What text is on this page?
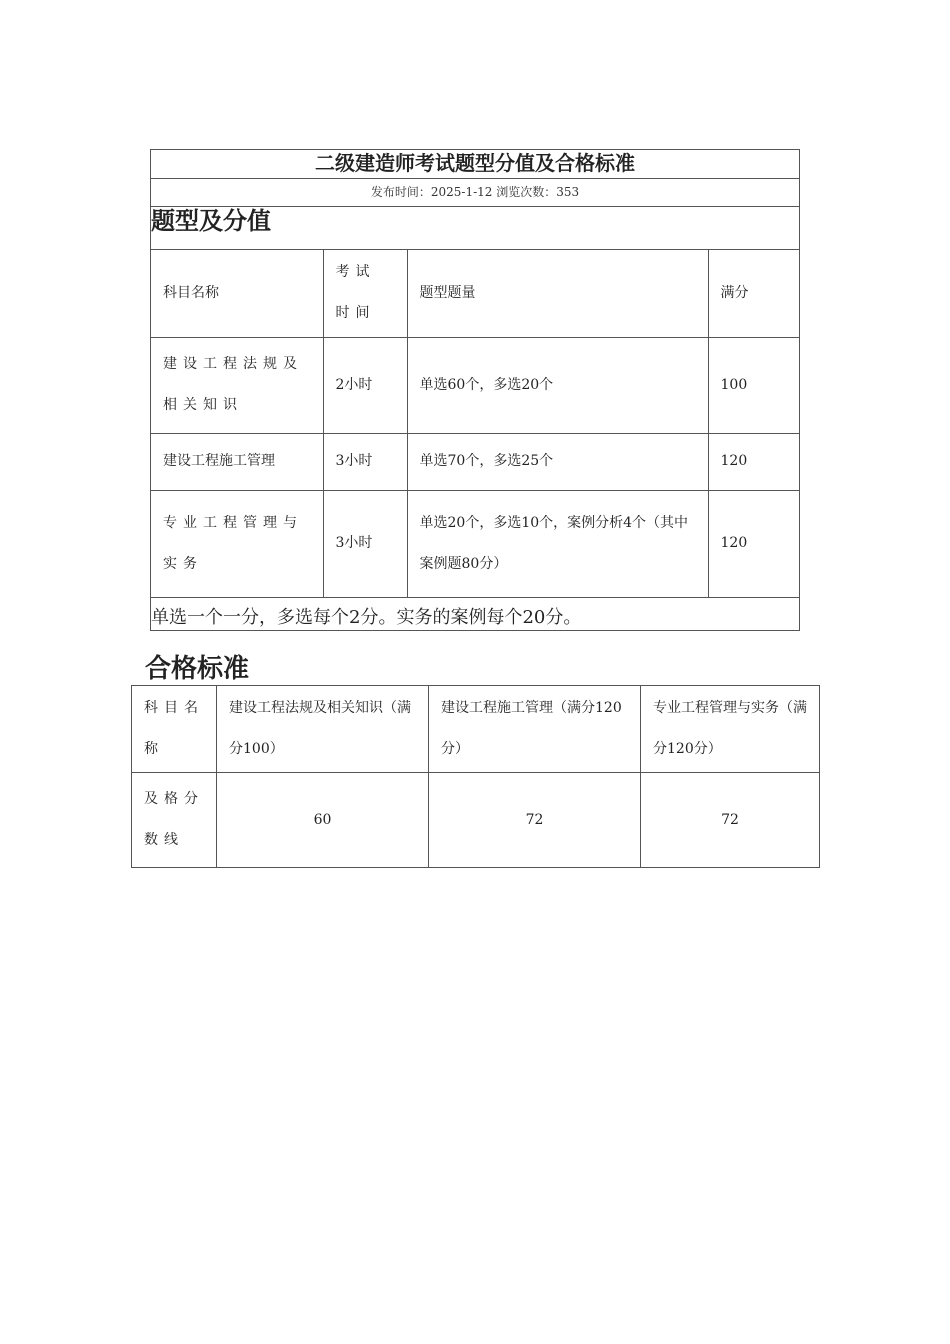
二级建造师考试题型分值及合格标准
发布时间：2025-1-12 浏览次数：353
题型及分值
科目名称	考试时间	题型题量	满分
建设工程法规及相关知识	2小时	单选60个，多选20个	100
建设工程施工管理	3小时	单选70个，多选25个	120
专业工程管理与实务	3小时	单选20个，多选10个，案例分析4个（其中案例题80分）	120
单选一个一分，多选每个2分。实务的案例每个20分。
合格标准
科目名称	建设工程法规及相关知识（满分100）	建设工程施工管理（满分120分）	专业工程管理与实务（满分120分）
及格分数线	60	72	72
